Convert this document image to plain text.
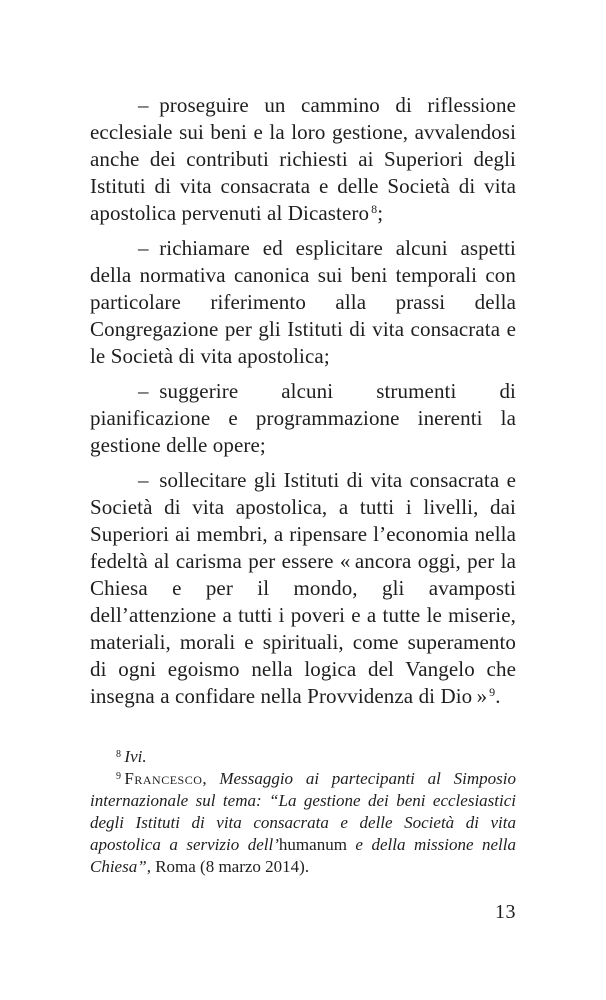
– proseguire un cammino di riflessione ecclesiale sui beni e la loro gestione, avvalendosi anche dei contributi richiesti ai Superiori degli Istituti di vita consacrata e delle Società di vita apostolica pervenuti al Dicastero $^8$;

– richiamare ed esplicitare alcuni aspetti della normativa canonica sui beni temporali con particolare riferimento alla prassi della Congregazione per gli Istituti di vita consacrata e le Società di vita apostolica;

– suggerire alcuni strumenti di pianificazione e programmazione inerenti la gestione delle opere;

– sollecitare gli Istituti di vita consacrata e Società di vita apostolica, a tutti i livelli, dai Superiori ai membri, a ripensare l’economia nella fedeltà al carisma per essere « ancora oggi, per la Chiesa e per il mondo, gli avamposti dell’attenzione a tutti i poveri e a tutte le miserie, materiali, morali e spirituali, come superamento di ogni egoismo nella logica del Vangelo che insegna a confidare nella Provvidenza di Dio » $^9$.

$^8$  Ivi.

$^9$  Francesco, Messaggio ai partecipanti al Simposio internazionale sul tema: “La gestione dei beni ecclesiastici degli Istituti di vita consacrata e delle Società di vita apostolica a servizio dell’humanum e della missione nella Chiesa”, Roma (8 marzo 2014).

13
